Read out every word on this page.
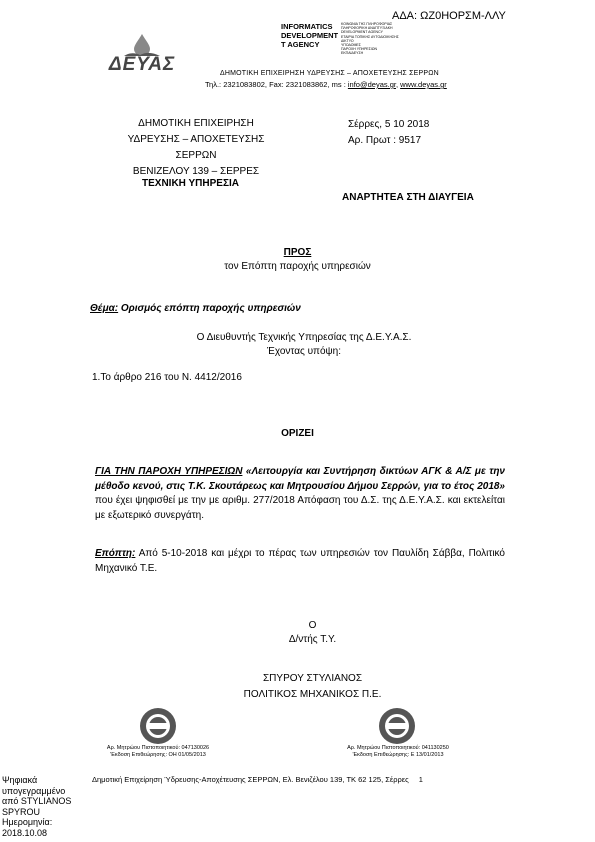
ΑΔΑ: ΩΖ0ΗΟΡΣΜ-ΛΛΥ
ΔΕΥΑΣ
INFORMATICS
DEVELOPMENT
T AGENCY
ΚΟΙΝΩΝΙΑ ΤΗΣ ΠΛΗΡΟΦΟΡΙΑΣ
ΠΛΗΡΟΦΟΡΙΚΗ ΑΝΑΠΤΥΞΙΑΚΗ
DEVELOPMENT AGENCY
ΕΤΑΙΡΙΑ ΤΟΠΙΚΗΣ ΑΥΤΟΔΙΟΙΚΗΣΗΣ
ΔΙΚΤΥΟ
ΥΠΟΔΟΜΕΣ
ΠΑΡΟΧΗ ΥΠΗΡΕΣΙΩΝ
ΕΚΠΑΙΔΕΥΣΗ
ΔΗΜΟΤΙΚΗ ΕΠΙΧΕΙΡΗΣΗ ΥΔΡΕΥΣΗΣ – ΑΠΟΧΕΤΕΥΣΗΣ ΣΕΡΡΩΝ
Τηλ.: 2321083802, Fax: 2321083862, ms : info@deyas.gr, www.deyas.gr
ΔΗΜΟΤΙΚΗ ΕΠΙΧΕΙΡΗΣΗ
ΥΔΡΕΥΣΗΣ – ΑΠΟΧΕΤΕΥΣΗΣ
ΣΕΡΡΩΝ
ΒΕΝΙΖΕΛΟΥ 139 – ΣΕΡΡΕΣ
ΤΕΧΝΙΚΗ ΥΠΗΡΕΣΙΑ
Σέρρες, 5 10 2018
Αρ. Πρωτ : 9517
ΑΝΑΡΤΗΤΕΑ ΣΤΗ ΔΙΑΥΓΕΙΑ
ΠΡΟΣ
τον Επόπτη παροχής υπηρεσιών
Θέμα: Ορισμός επόπτη παροχής υπηρεσιών
Ο Διευθυντής Τεχνικής Υπηρεσίας της Δ.Ε.Υ.Α.Σ.
Έχοντας υπόψη:
1.Το άρθρο 216 του Ν. 4412/2016
ΟΡΙΖΕΙ
ΓΙΑ ΤΗΝ ΠΑΡΟΧΗ ΥΠΗΡΕΣΙΩΝ «Λειτουργία και Συντήρηση δικτύων ΑΓΚ & Α/Σ με την μέθοδο κενού, στις Τ.Κ. Σκουτάρεως και Μητρουσίου Δήμου Σερρών, για το έτος 2018» που έχει ψηφισθεί με την με αριθμ. 277/2018 Απόφαση του Δ.Σ. της Δ.Ε.Υ.Α.Σ. και εκτελείται με εξωτερικό συνεργάτη.
Επόπτη: Από 5-10-2018 και μέχρι το πέρας των υπηρεσιών τον Παυλίδη Σάββα, Πολιτικό Μηχανικό Τ.Ε.
Ο
Δ/ντής Τ.Υ.
ΣΠΥΡΟΥ ΣΤΥΛΙΑΝΟΣ
ΠΟΛΙΤΙΚΟΣ ΜΗΧΑΝΙΚΟΣ Π.Ε.
Αρ. Μητρώου Πιστοποιητικού: 047130026
'Εκδοση Επιθεώρησης: ΟΗ 01/05/2013
Αρ. Μητρώου Πιστοποιητικού: 041130250
'Εκδοση Επιθεώρησης: Ε 13/01/2013
Ψηφιακά
υπογεγραμμένο
από STYLIANOS
SPYROU
Ημερομηνία:
2018.10.08
Δημοτική Επιχείρηση Ύδρευσης-Αποχέτευσης ΣΕΡΡΩΝ, Ελ. Βενιζέλου 139, ΤΚ 62 125, Σέρρες 1
